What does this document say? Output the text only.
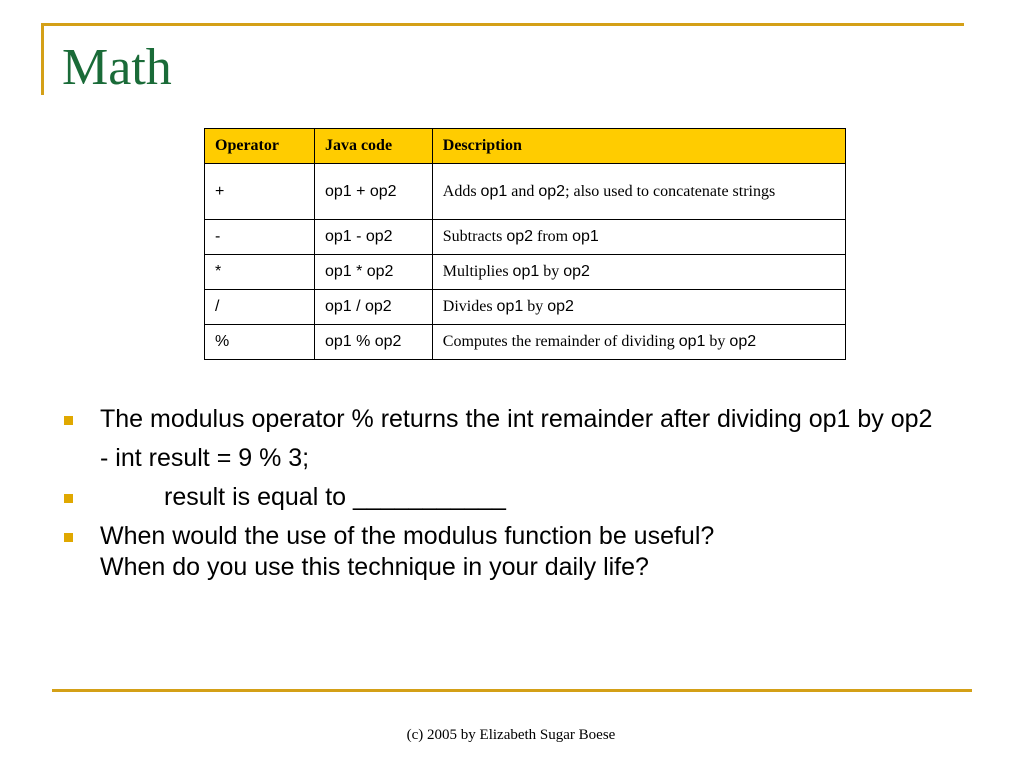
Math
Operator	Java code	Description
+	op1 + op2	Adds op1 and op2; also used to concatenate strings
-	op1 - op2	Subtracts op2 from op1
*	op1 * op2	Multiplies op1 by op2
/	op1 / op2	Divides op1 by op2
%	op1 % op2	Computes the remainder of dividing op1 by op2
The modulus operator % returns the int remainder after dividing op1 by op2
- int result = 9 % 3;
result is equal to ___________
When would the use of the modulus function be useful?
When do you use this technique in your daily life?
(c) 2005 by Elizabeth Sugar Boese
